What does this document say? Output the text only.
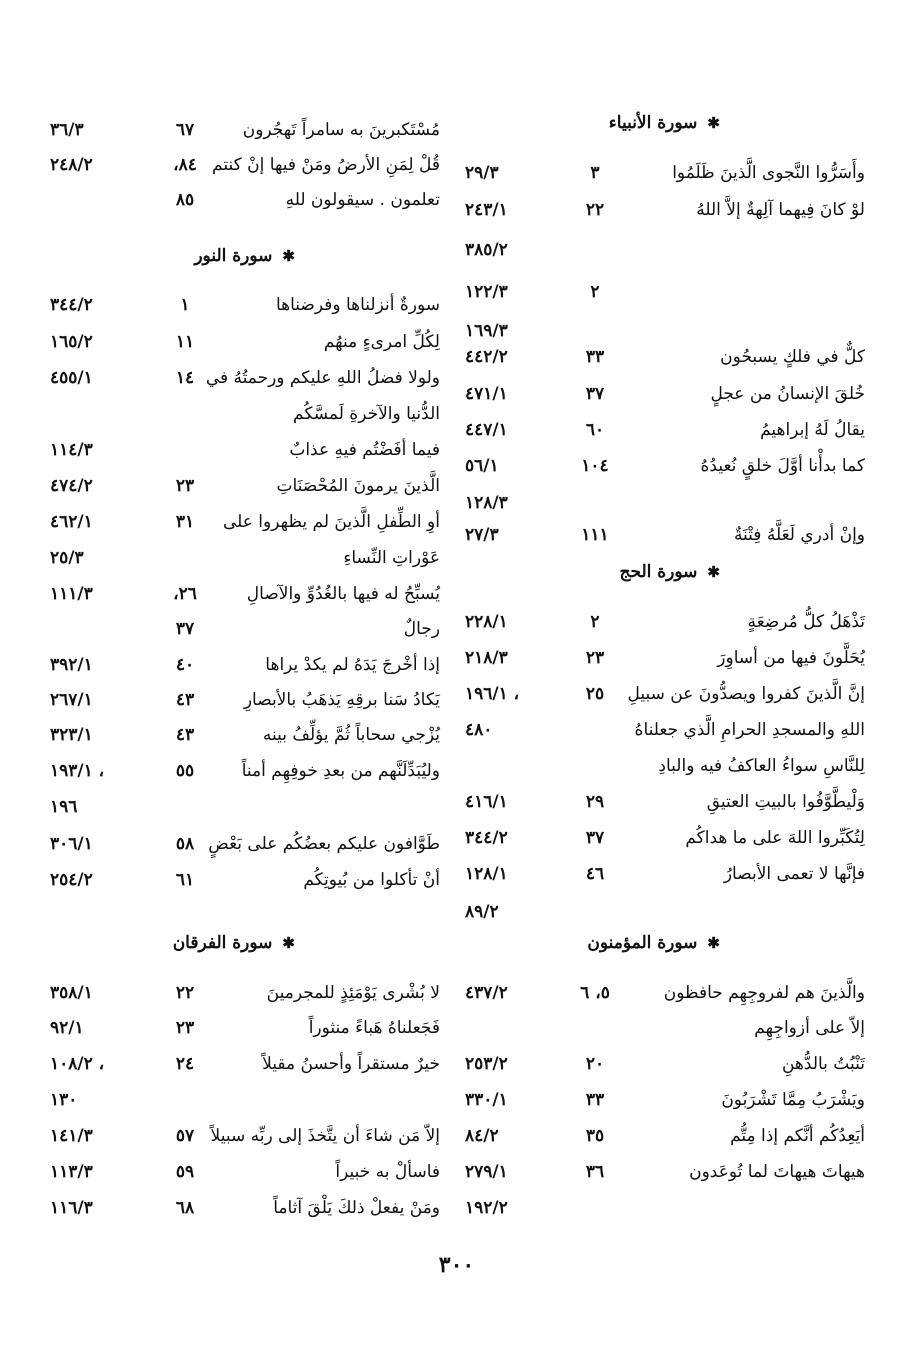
✱سورة الأنبياء
وأَسَرُّوا النَّجوى الَّذينَ ظَلَمُوا
٣
٢٩/٣
لوْ كانَ فِيهما آلِهةٌ إلاَّ اللهُ
٢٢
٢٤٣/١
٣٨٥/٢
٢
١٢٢/٣
١٦٩/٣
كلٌّ في فلكٍ يسبحُون
٣٣
٤٤٢/٢
خُلقَ الإنسانُ من عجلٍ
٣٧
٤٧١/١
يقالُ لَهُ إبراهيمُ
٦٠
٤٤٧/١
كما بدأْنا أوَّلَ خلقٍ نُعيدُهُ
١٠٤
٥٦/١
١٢٨/٣
وإنْ أدري لَعَلَّهُ فِتْنَةٌ
١١١
٢٧/٣
✱سورة الحج
تَذْهَلُ كلُّ مُرضِعَةٍ
٢
٢٢٨/١
يُحَلَّونَ فيها من أساوِرَ
٢٣
٢١٨/٣
إنَّ الَّذينَ كفروا ويصدُّونَ عن سبيلِ
٢٥
١٩٦/١ ،
اللهِ والمسجدِ الحرامِ الَّذي جعلناهُ
٤٨٠
لِلنَّاسِ سواءُ العاكفُ فيه والبادِ
وَلْيطَّوَّفُوا بالبيتِ العتيقِ
٢٩
٤١٦/١
لِتُكَبِّروا اللهَ على ما هداكُم
٣٧
٣٤٤/٢
فإنَّها لا تعمى الأبصارُ
٤٦
١٢٨/١
٨٩/٢
✱سورة المؤمنون
والَّذينَ هم لفروجِهِم حافظون
٥، ٦
٤٣٧/٢
إلاّ على أزواجِهِم
تَنْبُتُ بالدُّهنِ
٢٠
٢٥٣/٢
ويَشْرَبُ مِمَّا تَشْرَبُونَ
٣٣
٣٣٠/١
أيَعِدُكُم أنَّكم إذا مِتُّم
٣٥
٨٤/٢
هيهاتَ هيهاتَ لما تُوعَدون
٣٦
٢٧٩/١
١٩٢/٢
مُسْتَكبرينَ به سامراً تَهجُرون
٦٧
٣٦/٣
قُلْ لِمَنِ الأرضُ ومَنْ فيها إنْ كنتم
٨٤،
٢٤٨/٢
تعلمون . سيقولون للهِ
٨٥
✱سورة النور
سورةٌ أنزلناها وفرضناها
١
٣٤٤/٢
لِكُلِّ امرىءٍ منهُم
١١
١٦٥/٢
ولولا فضلُ اللهِ عليكم ورحمتُهُ في
١٤
٤٥٥/١
الدُّنيا والآخرةِ لَمسَّكُم
فيما أفَضْتُم فيهِ عذابٌ
١١٤/٣
الَّذينَ يرمونَ المُحْصَنَاتِ
٢٣
٤٧٤/٢
أوِ الطِّفلِ الَّذينَ لم يظهروا على
٣١
٤٦٢/١
عَوْراتِ النِّساءِ
٢٥/٣
يُسبِّحُ له فيها بالغُدُوِّ والآصالِ
٢٦،
١١١/٣
رجالٌ
٣٧
إذا أخْرجَ يَدَهُ لم يكدْ يراها
٤٠
٣٩٢/١
يَكادُ سَنا برقِهِ يَذهَبُ بالأبصارِ
٤٣
٢٦٧/١
يُزْجي سحاباً ثُمَّ يؤلِّفُ بينه
٤٣
٣٢٣/١
وليُبَدِّلَنَّهم من بعدِ خوفِهِم أمناً
٥٥
١٩٣/١ ،
١٩٦
طَوَّافون عليكم بعضُكُم على بَعْضٍ
٥٨
٣٠٦/١
أنْ تأكلوا من بُيوتِكُم
٦١
٢٥٤/٢
✱سورة الفرقان
لا بُشْرى يَوْمَئِذٍ للمجرمينَ
٢٢
٣٥٨/١
فَجَعلناهُ هَباءً منثوراً
٢٣
٩٢/١
خيرٌ مستقراً وأحسنُ مقيلاً
٢٤
١٠٨/٢ ،
١٣٠
إلاّ مَن شاءَ أن يتَّخذَ إلى ربِّه سبيلاً
٥٧
١٤١/٣
فاسألْ به خبيراً
٥٩
١١٣/٣
ومَنْ يفعلْ ذلكَ يَلْقَ آثاماً
٦٨
١١٦/٣
٣٠٠
